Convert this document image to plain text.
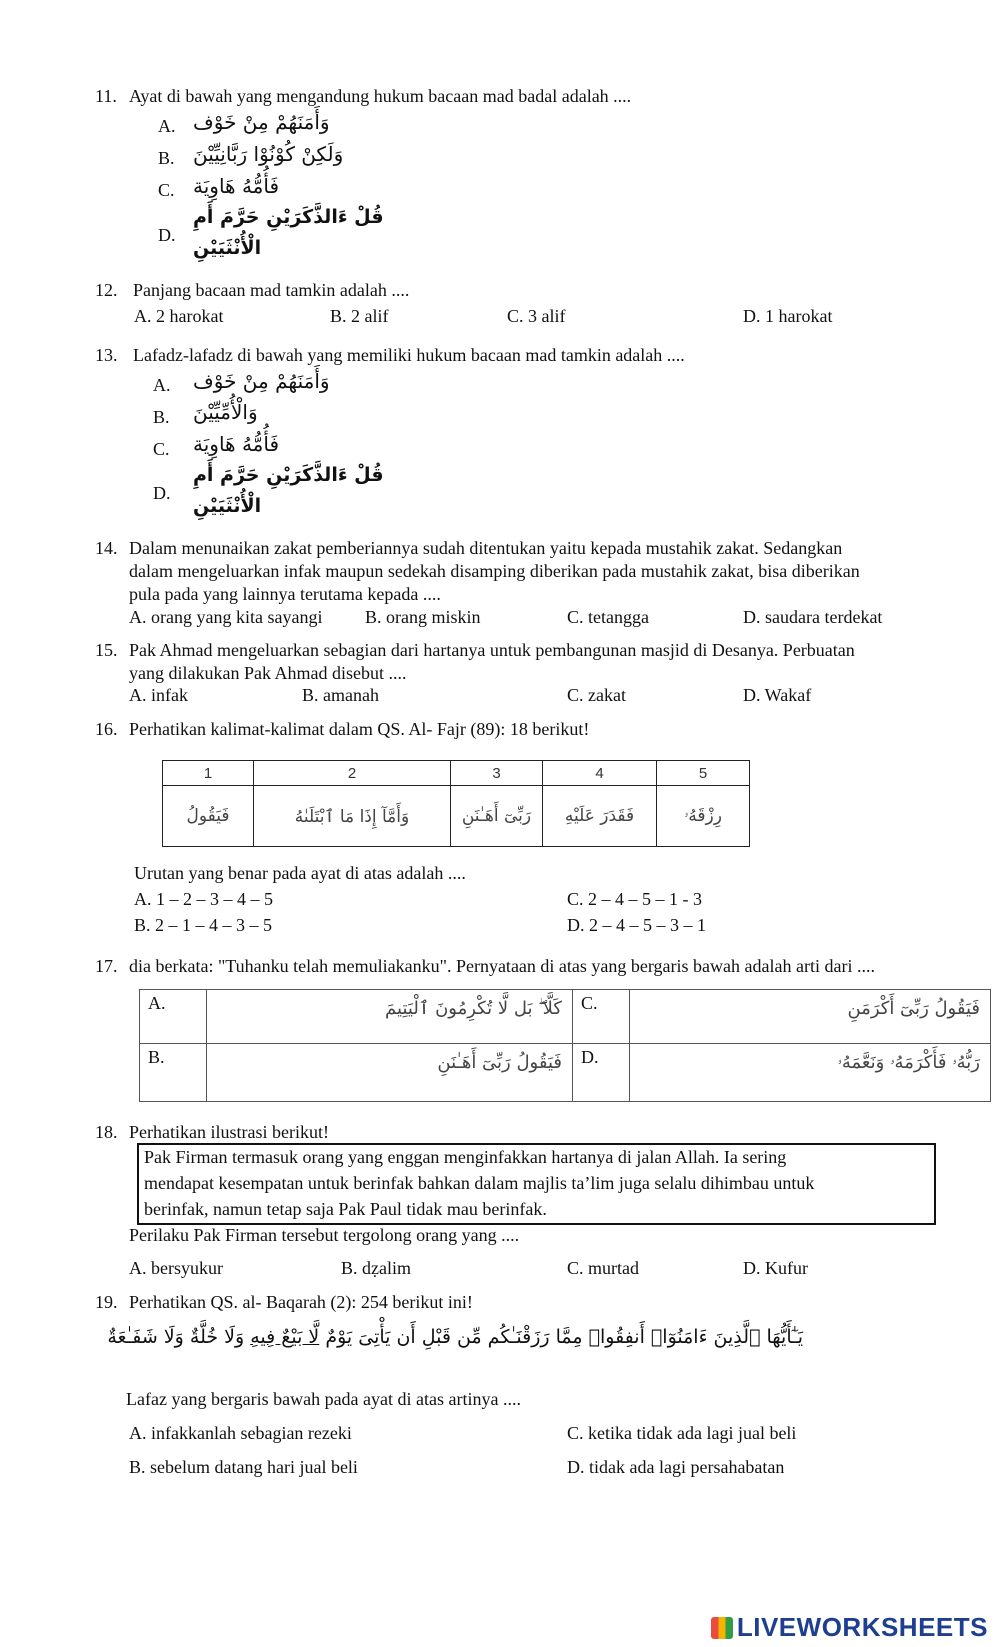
11. Ayat di bawah yang mengandung hukum bacaan mad badal adalah ....
A. وَأَمَنَهُمْ مِنْ خَوْف
B. وَلَكِنْ كُوْنُوْا رَبَّانِيِّيْنَ
C. فَأُمُّهُ هَاوِيَة
D.
قُلْ ءَالذَّكَرَيْنِ حَرَّمَ أَمِ
الْأُنْثَيَيْنِ
12. Panjang bacaan mad tamkin adalah ....
A. 2 harokat	B. 2 alif	C. 3 alif	D. 1 harokat
13. Lafadz-lafadz di bawah yang memiliki hukum bacaan mad tamkin adalah ....
A. وَأَمَنَهُمْ مِنْ خَوْف
B. وَالْأُمِّيِّيْنَ
C. فَأُمُّهُ هَاوِيَة
D.
قُلْ ءَالذَّكَرَيْنِ حَرَّمَ أَمِ
الْأُنْثَيَيْنِ
14. Dalam menunaikan zakat pemberiannya sudah ditentukan yaitu kepada mustahik zakat. Sedangkan
dalam mengeluarkan infak maupun sedekah disamping diberikan pada mustahik zakat, bisa diberikan
pula pada yang lainnya terutama kepada ....
A. orang yang kita sayangi B. orang miskin	C. tetangga	D. saudara terdekat
15. Pak Ahmad mengeluarkan sebagian dari hartanya untuk pembangunan masjid di Desanya. Perbuatan
yang dilakukan Pak Ahmad disebut ....
A. infak	B. amanah	C. zakat	D. Wakaf
16. Perhatikan kalimat-kalimat dalam QS. Al- Fajr (89): 18 berikut!
1	2	3	4	5
فَيَقُولُ	وَأَمَّآ إِذَا مَا ٱبْتَلَىٰهُ	رَبِّىٓ أَهَـٰنَنِ	فَقَدَرَ عَلَيْهِ	رِزْقَهُۥ
Urutan yang benar pada ayat di atas adalah ....
A. 1 – 2 – 3 – 4 – 5	C. 2 – 4 – 5 – 1 - 3
B. 2 – 1 – 4 – 3 – 5	D. 2 – 4 – 5 – 3 – 1
17. dia berkata: "Tuhanku telah memuliakanku". Pernyataan di atas yang bergaris bawah adalah arti dari ....
A.	كَلَّا ۖ بَل لَّا تُكْرِمُونَ ٱلْيَتِيمَ	C.	فَيَقُولُ رَبِّىٓ أَكْرَمَنِ
B.	فَيَقُولُ رَبِّىٓ أَهَـٰنَنِ	D.	رَبُّهُۥ فَأَكْرَمَهُۥ وَنَعَّمَهُۥ
18. Perhatikan ilustrasi berikut!
Pak Firman termasuk orang yang enggan menginfakkan hartanya di jalan Allah. Ia sering
mendapat kesempatan untuk berinfak bahkan dalam majlis ta’lim juga selalu dihimbau untuk
berinfak, namun tetap saja Pak Paul tidak mau berinfak.
Perilaku Pak Firman tersebut tergolong orang yang ....
A. bersyukur	B. dẓalim	C. murtad	D. Kufur
19. Perhatikan QS. al- Baqarah (2): 254 berikut ini!
يَـٰٓأَيُّهَا ٱلَّذِينَ ءَامَنُوٓا۟ أَنفِقُوا۟ مِمَّا رَزَقْنَـٰكُم مِّن قَبْلِ أَن يَأْتِىَ يَوْمٌ لَّا بَيْعٌ فِيهِ وَلَا خُلَّةٌ وَلَا شَفَـٰعَةٌ
Lafaz yang bergaris bawah pada ayat di atas artinya ....
A. infakkanlah sebagian rezeki	C. ketika tidak ada lagi jual beli
B. sebelum datang hari jual beli	D. tidak ada lagi persahabatan
LIVEWORKSHEETS
